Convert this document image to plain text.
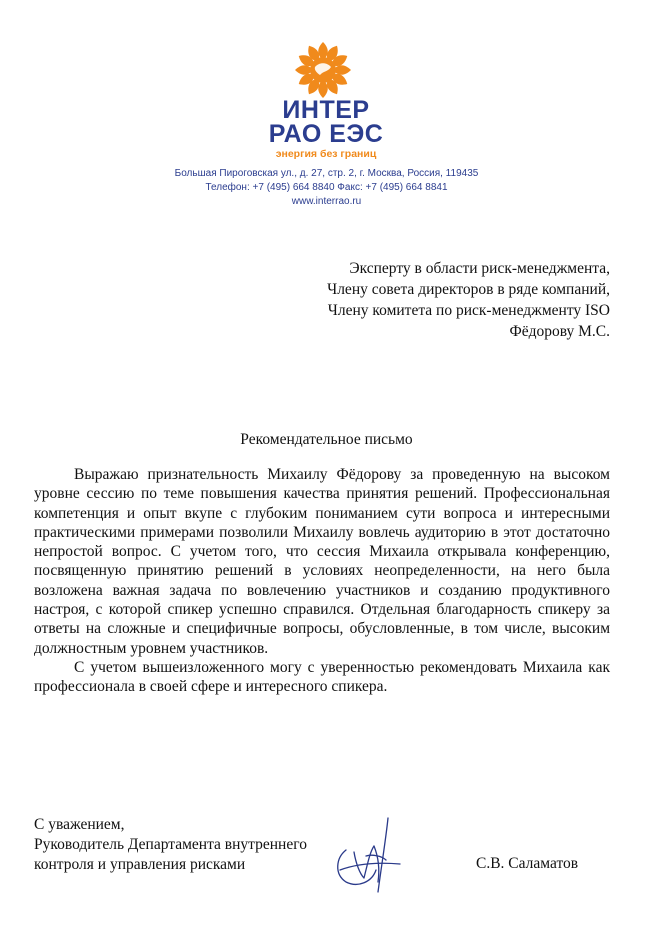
ИНТЕР
РАО ЕЭС
энергия без границ
Большая Пироговская ул., д. 27, стр. 2, г. Москва, Россия, 119435
Телефон: +7 (495) 664 8840 Факс: +7 (495) 664 8841
www.interrao.ru
Эксперту в области риск-менеджмента,
Члену совета директоров в ряде компаний,
Члену комитета по риск-менеджменту ISO
Фёдорову М.С.
Рекомендательное письмо

Выражаю признательность Михаилу Фёдорову за проведенную на высоком уровне сессию по теме повышения качества принятия решений. Профессиональная компетенция и опыт вкупе с глубоким пониманием сути вопроса и интересными практическими примерами позволили Михаилу вовлечь аудиторию в этот достаточно непростой вопрос. С учетом того, что сессия Михаила открывала конференцию, посвященную принятию решений в условиях неопределенности, на него была возложена важная задача по вовлечению участников и созданию продуктивного настроя, с которой спикер успешно справился. Отдельная благодарность спикеру за ответы на сложные и специфичные вопросы, обусловленные, в том числе, высоким должностным уровнем участников.

С учетом вышеизложенного могу с уверенностью рекомендовать Михаила как профессионала в своей сфере и интересного спикера.

С уважением,
Руководитель Департамента внутреннего
контроля и управления рисками	С.В. Саламатов
